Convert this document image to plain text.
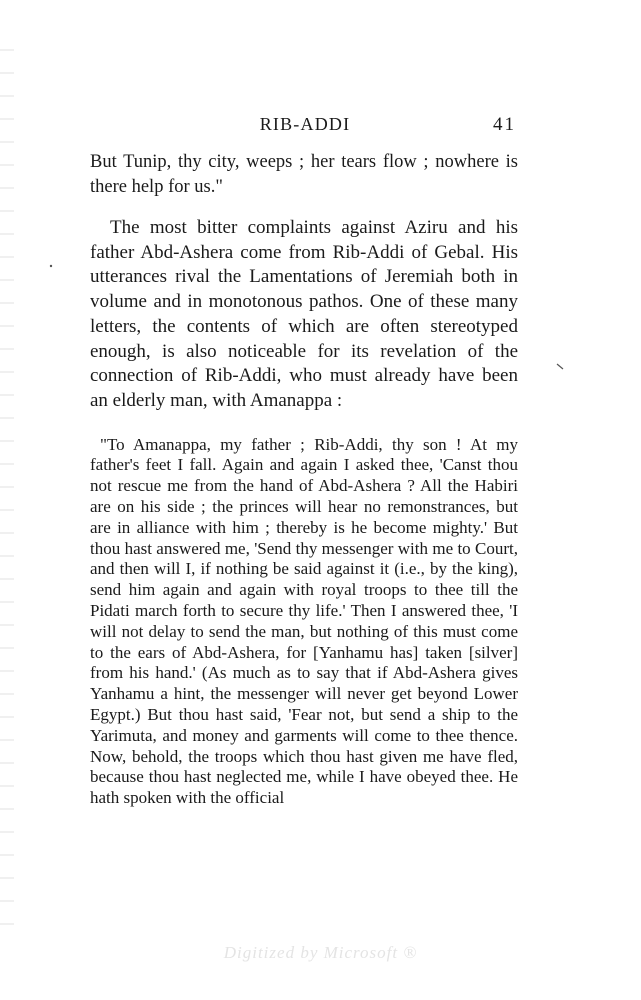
RIB-ADDI	41

But Tunip, thy city, weeps ; her tears flow ; nowhere is there help for us."

The most bitter complaints against Aziru and his father Abd-Ashera come from Rib-Addi of Gebal. His utterances rival the Lamentations of Jeremiah both in volume and in monotonous pathos. One of these many letters, the contents of which are often stereotyped enough, is also noticeable for its revelation of the connection of Rib-Addi, who must already have been an elderly man, with Amanappa :

"To Amanappa, my father ; Rib-Addi, thy son ! At my father's feet I fall. Again and again I asked thee, 'Canst thou not rescue me from the hand of Abd-Ashera ? All the Habiri are on his side ; the princes will hear no remonstrances, but are in alliance with him ; thereby is he become mighty.' But thou hast answered me, 'Send thy messenger with me to Court, and then will I, if nothing be said against it (i.e., by the king), send him again and again with royal troops to thee till the Pidati march forth to secure thy life.' Then I answered thee, 'I will not delay to send the man, but nothing of this must come to the ears of Abd-Ashera, for [Yanhamu has] taken [silver] from his hand.' (As much as to say that if Abd-Ashera gives Yanhamu a hint, the messenger will never get beyond Lower Egypt.) But thou hast said, 'Fear not, but send a ship to the Yarimuta, and money and garments will come to thee thence. Now, behold, the troops which thou hast given me have fled, because thou hast neglected me, while I have obeyed thee. He hath spoken with the official

Digitized by Microsoft ®
